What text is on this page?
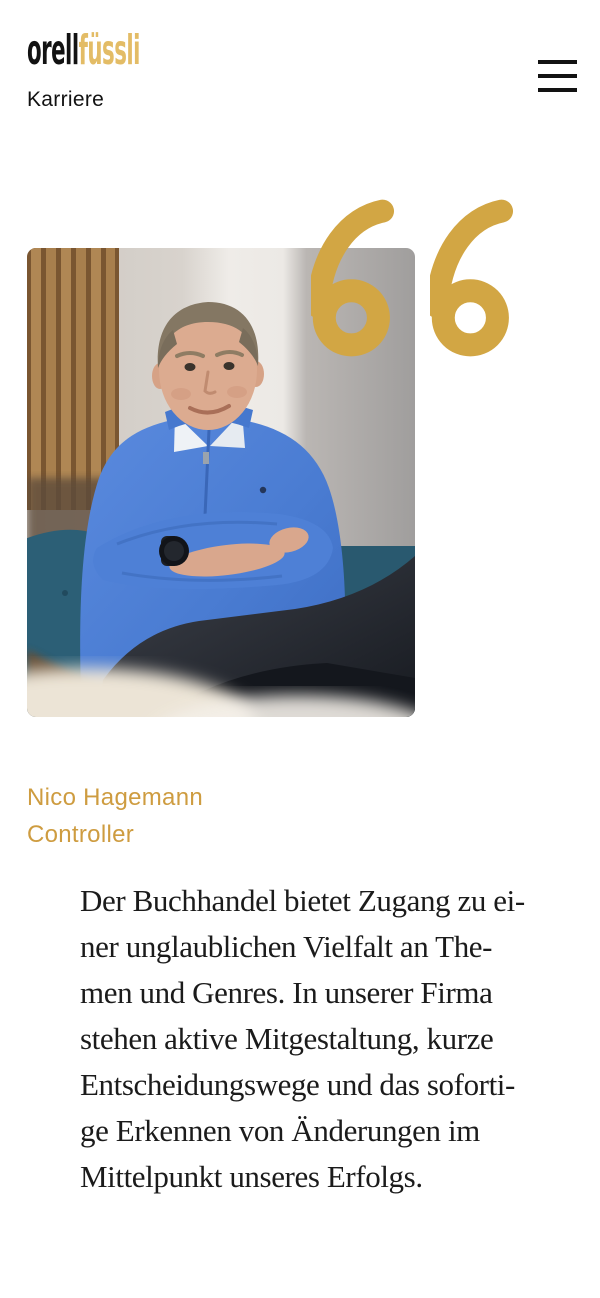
orellfüssli
Karriere
Nico Hagemann
Controller
Der Buchhandel bietet Zugang zu ei-
ner unglaublichen Vielfalt an The-
men und Genres. In unserer Firma
stehen aktive Mitgestaltung, kurze
Entscheidungswege und das soforti-
ge Erkennen von Änderungen im
Mittelpunkt unseres Erfolgs.
